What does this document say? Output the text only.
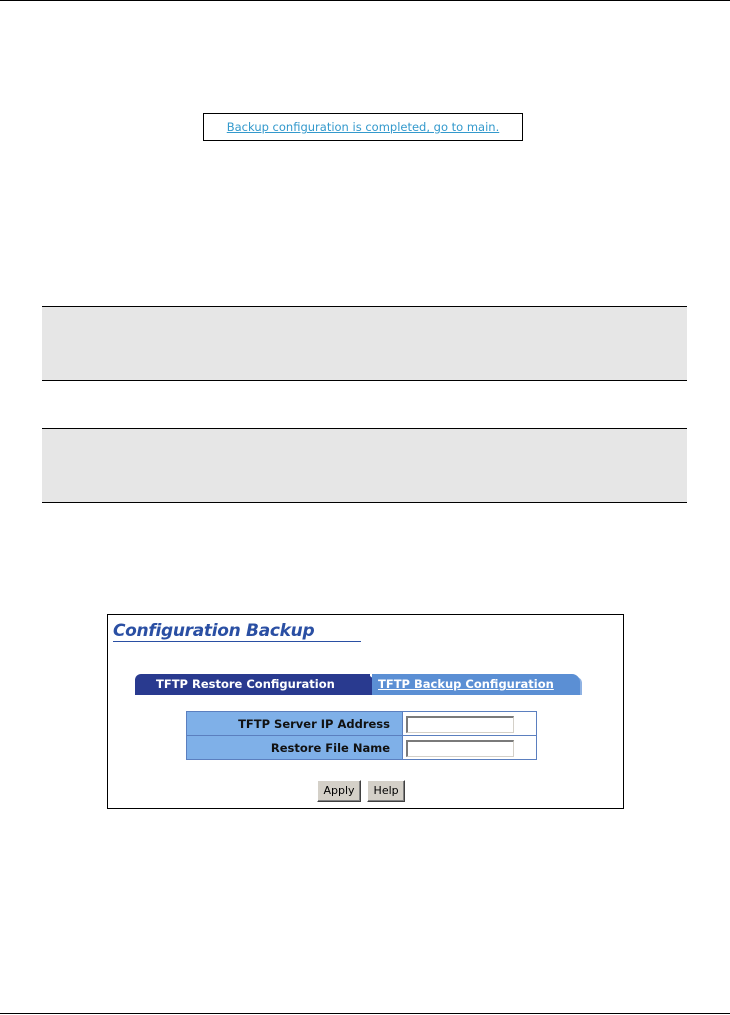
Backup configuration is completed, go to main.
Configuration Backup
TFTP Restore Configuration	TFTP Backup Configuration
TFTP Server IP Address	
Restore File Name	
Apply Help
